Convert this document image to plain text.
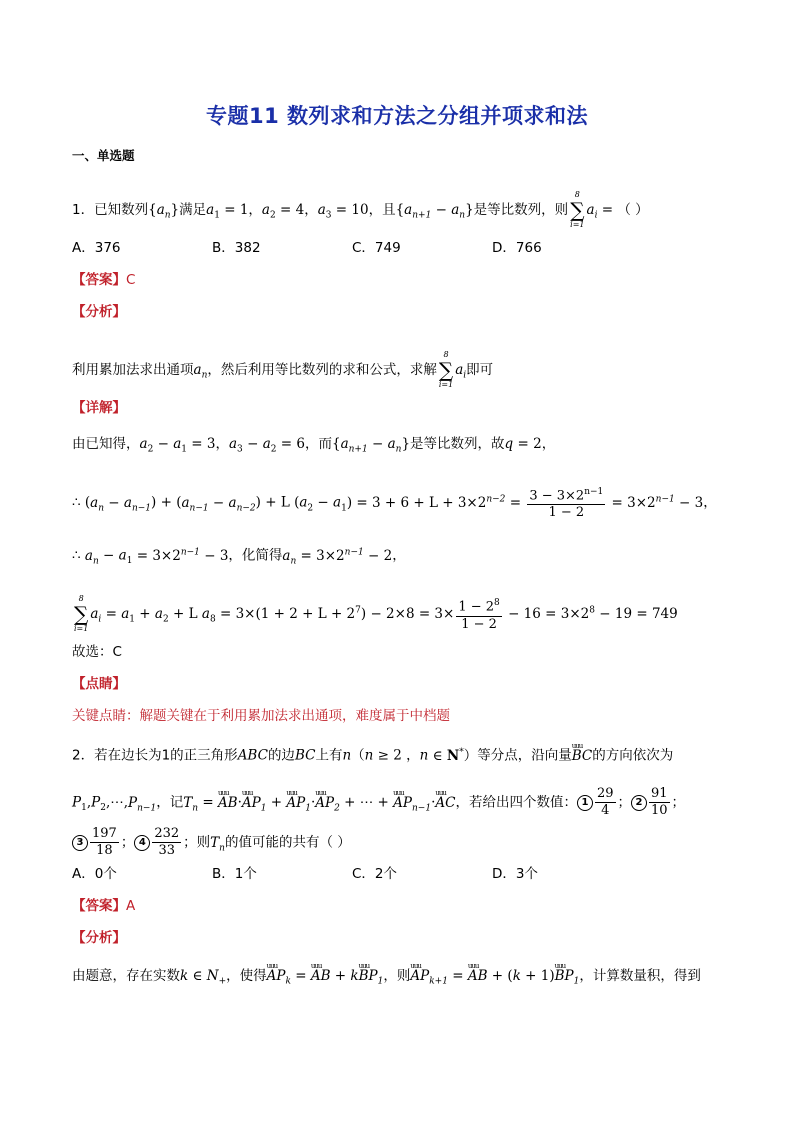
专题11 数列求和方法之分组并项求和法
一、单选题
1．已知数列$\{a_n\}$满足$a_1 = 1$，$a_2 = 4$，$a_3 = 10$，且$\{a_{n+1} - a_n\}$是等比数列，则
8
∑
i=1
$a_i$ = （ ）
A．376	B．382	C．749	D．766
【答案】C
【分析】
利用累加法求出通项$a_n$，然后利用等比数列的求和公式，求解
8
∑
i=1
$a_i$即可
【详解】
由已知得，$a_2 - a_1 = 3$，$a_3 - a_2 = 6$，而$\{a_{n+1} - a_n\}$是等比数列，故q = 2，
∴ $(a_n - a_{n-1}) + (a_{n-1} - a_{n-2}) + L$ $(a_2 - a_1) = 3 + 6 + L + 3\times 2^{n-2} = \frac{3 - 3\times 2^{n-1}}{1 - 2} = 3\times 2^{n-1} - 3$，
∴ $a_n - a_1 = 3\times 2^{n-1} - 3$，化简得$a_n = 3\times 2^{n-1} - 2$，
8
∑
i=1
$a_i = a_1 + a_2 + L$ $a_8 = 3\times(1 + 2 + L + 2^7) - 2\times 8 = 3\times \frac{1 - 2^8}{1 - 2} - 16 = 3\times 2^8 - 19 = 749$
故选：C
【点睛】
关键点睛：解题关键在于利用累加法求出通项，难度属于中档题
2．若在边长为1的正三角形ABC的边BC上有n（n ≥ 2 ，n ∈ N*）等分点，沿向量uuu BC的方向依次为
$P_1,P_2,\cdots,P_{n-1}$，记$T_n$ = uuu AB·uuu $AP_1$ + uuu $AP_1\cdot uuu$ $AP_2$ + ⋯ + uuu $AP_{n-1}\cdot uuu$ AC，若给出四个数值： $1 \frac{29}{4}$ ； $2 \frac{91}{10}$ ；
$3 \frac{197}{18}$ ； $4 \frac{232}{33}$ ；则$T_n$的值可能的共有（ ）
A．0个	B．1个	C．2个	D．3个
【答案】A
【分析】
由题意，存在实数k ∈ $N_+$，使得uuu $AP_k$ = uuu AB + kuuu $BP_1$，则uuu $AP_{k+1}$ = uuu AB + (k + 1)uuu $BP_1$，计算数量积，得到
